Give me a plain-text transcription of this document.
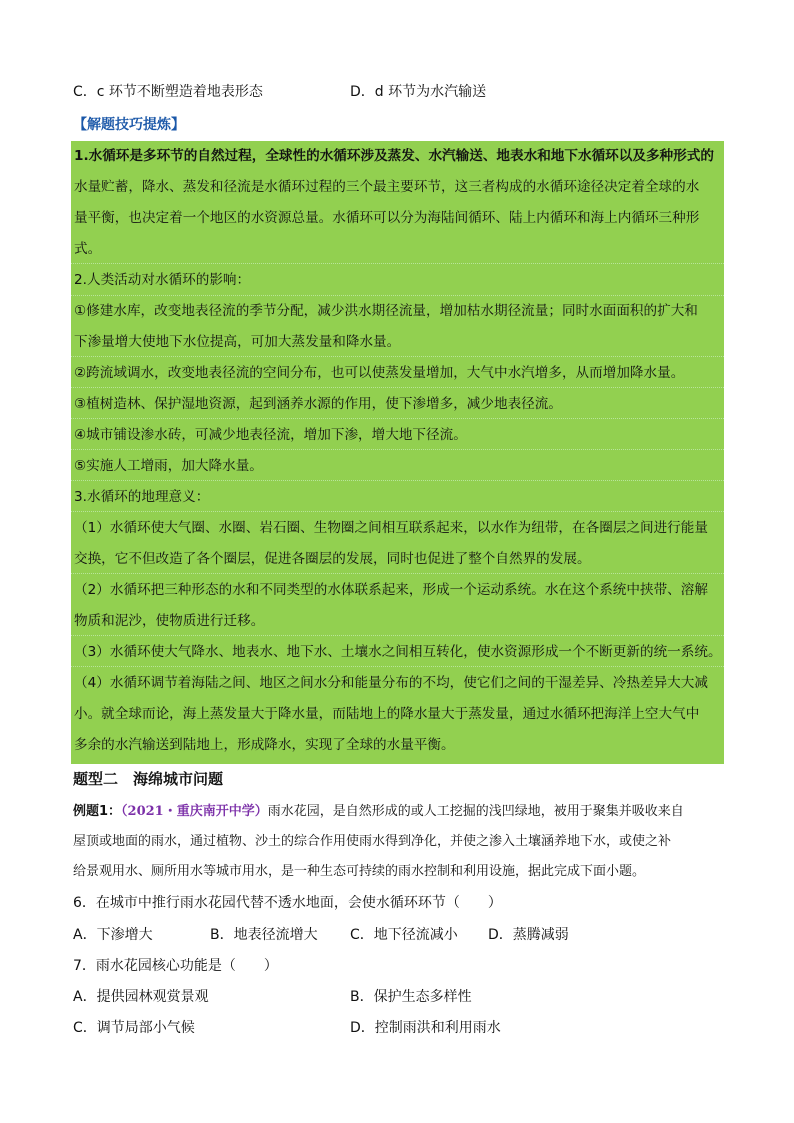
C．c 环节不断塑造着地表形态	D．d 环节为水汽输送
【解题技巧提炼】
1.水循环是多环节的自然过程，全球性的水循环涉及蒸发、水汽输送、地表水和地下水循环以及多种形式的
水量贮蓄，降水、蒸发和径流是水循环过程的三个最主要环节，这三者构成的水循环途径决定着全球的水
量平衡，也决定着一个地区的水资源总量。水循环可以分为海陆间循环、陆上内循环和海上内循环三种形
式。
2.人类活动对水循环的影响：
①修建水库，改变地表径流的季节分配，减少洪水期径流量，增加枯水期径流量；同时水面面积的扩大和
下渗量增大使地下水位提高，可加大蒸发量和降水量。
②跨流域调水，改变地表径流的空间分布，也可以使蒸发量增加，大气中水汽增多，从而增加降水量。
③植树造林、保护湿地资源，起到涵养水源的作用，使下渗增多，减少地表径流。
④城市铺设渗水砖，可减少地表径流，增加下渗，增大地下径流。
⑤实施人工增雨，加大降水量。
3.水循环的地理意义：
（1）水循环使大气圈、水圈、岩石圈、生物圈之间相互联系起来，以水作为纽带，在各圈层之间进行能量
交换，它不但改造了各个圈层，促进各圈层的发展，同时也促进了整个自然界的发展。
（2）水循环把三种形态的水和不同类型的水体联系起来，形成一个运动系统。水在这个系统中挟带、溶解
物质和泥沙，使物质进行迁移。
（3）水循环使大气降水、地表水、地下水、土壤水之间相互转化，使水资源形成一个不断更新的统一系统。
（4）水循环调节着海陆之间、地区之间水分和能量分布的不均，使它们之间的干湿差异、冷热差异大大减
小。就全球而论，海上蒸发量大于降水量，而陆地上的降水量大于蒸发量，通过水循环把海洋上空大气中
多余的水汽输送到陆地上，形成降水，实现了全球的水量平衡。
题型二　海绵城市问题
例题1：（2021・重庆南开中学）雨水花园，是自然形成的或人工挖掘的浅凹绿地，被用于聚集并吸收来自
屋顶或地面的雨水，通过植物、沙土的综合作用使雨水得到净化，并使之渗入土壤涵养地下水，或使之补
给景观用水、厕所用水等城市用水，是一种生态可持续的雨水控制和利用设施，据此完成下面小题。
6．在城市中推行雨水花园代替不透水地面，会使水循环环节（　　）
A．下渗增大	B．地表径流增大 C．地下径流减小 D．蒸腾减弱
7．雨水花园核心功能是（　　）
A．提供园林观赏景观	B．保护生态多样性
C．调节局部小气候	D．控制雨洪和利用雨水
